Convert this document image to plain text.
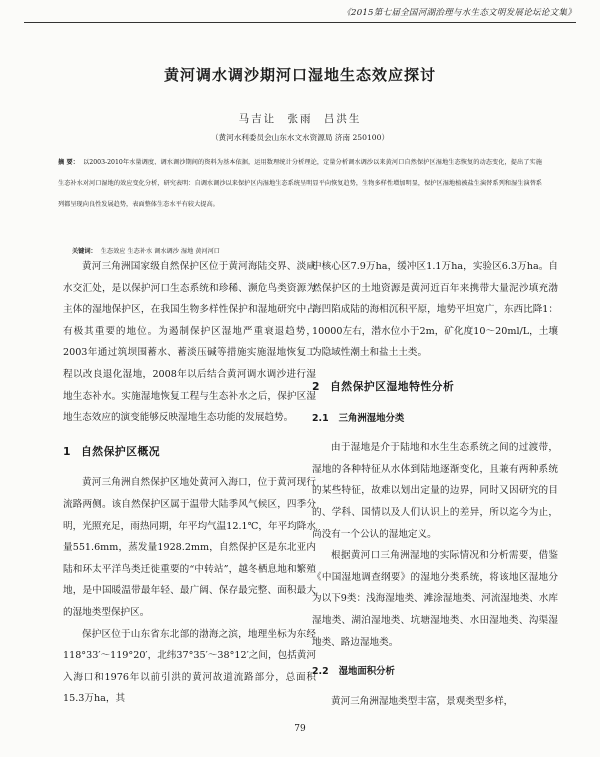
《2015第七届全国河湖治理与水生态文明发展论坛论文集》
黄河调水调沙期河口湿地生态效应探讨
马吉让 张雨 吕洪生
（黄河水利委员会山东水文水资源局 济南 250100）
摘 要： 以2003-2010年水量调度、调水调沙期间的资料为基本依据，运用数理统计分析理论，定量分析调水调沙以来黄河口自然保护区湿地生态恢复的动态变化，提出了实施生态补水对河口湿地的效应变化分析，研究表明：自调水调沙以来保护区内湿地生态系统呈明显平向恢复趋势，生物多样性增加明显，保护区湿地植被盐生演替系列和湿生演替系列都呈现向良性发展趋势，表面整体生态水平有较大提高。
关键词： 生态效应 生态补水 调水调沙 湿地 黄河河口

黄河三角洲国家级自然保护区位于黄河海陆交界、淡咸水交汇处，是以保护河口生态系统和珍稀、濒危鸟类资源为主体的湿地保护区，在我国生物多样性保护和湿地研究中占有极其重要的地位。为遏制保护区湿地严重衰退趋势，2003年通过筑坝围蓄水、蓄淡压碱等措施实施湿地恢复工程以改良退化湿地，2008年以后结合黄河调水调沙进行湿地生态补水。实施湿地恢复工程与生态补水之后，保护区湿地生态效应的演变能够反映湿地生态功能的发展趋势。

1 自然保护区概况

黄河三角洲自然保护区地处黄河入海口，位于黄河现行流路两侧。该自然保护区属于温带大陆季风气候区，四季分明，光照充足，雨热同期，年平均气温12.1℃，年平均降水量551.6mm，蒸发量1928.2mm，自然保护区是东北亚内陆和环太平洋鸟类迁徙重要的“中转站”，越冬栖息地和繁殖地，是中国暖温带最年轻、最广阔、保存最完整、面积最大的湿地类型保护区。

保护区位于山东省东北部的渤海之滨，地理坐标为东经118°33′～119°20′，北纬37°35′～38°12′之间，包括黄河入海口和1976年以前引洪的黄河故道流路部分，总面积15.3万ha，其

中核心区7.9万ha，缓冲区1.1万ha，实验区6.3万ha。自然保护区的土地资源是黄河近百年来携带大量泥沙填充渤海凹陷成陆的海相沉积平原，地势平坦宽广，东西比降1：10000左右，潜水位小于2m，矿化度10～20ml/L，土壤为隐域性潮土和盐土土类。

2 自然保护区湿地特性分析
2.1 三角洲湿地分类

由于湿地是介于陆地和水生生态系统之间的过渡带，湿地的各种特征从水体到陆地逐渐变化，且兼有两种系统的某些特征，故难以划出定量的边界，同时又因研究的目的、学科、国情以及人们认识上的差异，所以迄今为止，尚没有一个公认的湿地定义。

根据黄河口三角洲湿地的实际情况和分析需要，借鉴《中国湿地调查纲要》的湿地分类系统，将该地区湿地分为以下9类：浅海湿地类、滩涂湿地类、河流湿地类、水库湿地类、湖泊湿地类、坑塘湿地类、水田湿地类、沟渠湿地类、路边湿地类。

2.2 湿地面积分析

黄河三角洲湿地类型丰富，景观类型多样，

79
